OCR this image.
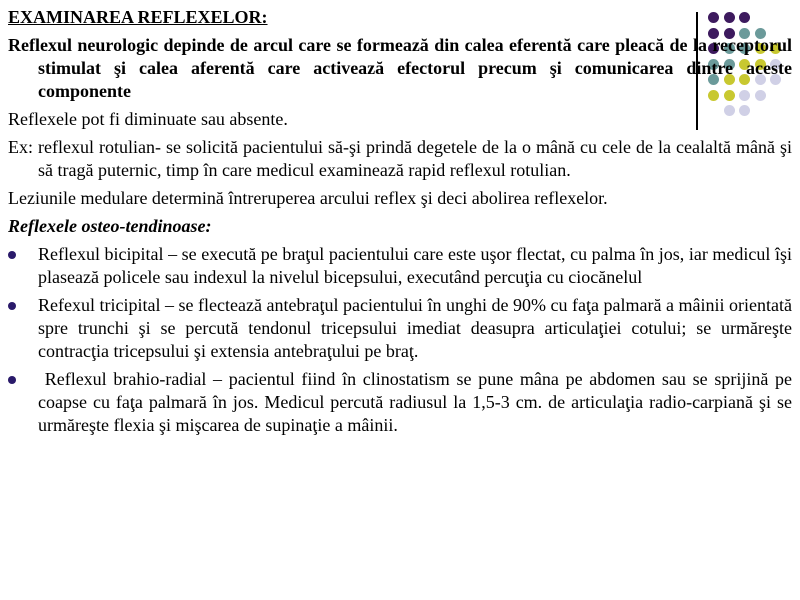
EXAMINAREA REFLEXELOR:
Reflexul neurologic depinde de arcul care se formează din calea eferentă care pleacă de la receptorul stimulat şi calea aferentă care activează efectorul precum şi comunicarea dintre aceste componente
Reflexele pot fi diminuate sau absente.
Ex: reflexul rotulian- se solicită pacientului să-şi prindă degetele de la o mână cu cele de la cealaltă mână şi să tragă puternic, timp în care medicul examinează rapid reflexul rotulian.
Leziunile medulare determină întreruperea arcului reflex şi deci abolirea reflexelor.
Reflexele osteo-tendinoase:
Reflexul bicipital – se execută pe braţul pacientului care este uşor flectat, cu palma în jos, iar medicul îşi plasează policele sau indexul la nivelul bicepsului, executând percuţia cu ciocănelul
Refexul tricipital – se flectează antebraţul pacientului în unghi de 90% cu faţa palmară a mâinii orientată spre trunchi şi se percută tendonul tricepsului imediat deasupra articulaţiei cotului; se urmăreşte contracţia tricepsului şi extensia antebraţului pe braţ.
Reflexul brahio-radial – pacientul fiind în clinostatism se pune mâna pe abdomen sau se sprijină pe coapse cu faţa palmară în jos. Medicul percută radiusul la 1,5-3 cm. de articulaţia radio-carpiană şi se urmăreşte flexia şi mişcarea de supinaţie a mâinii.
